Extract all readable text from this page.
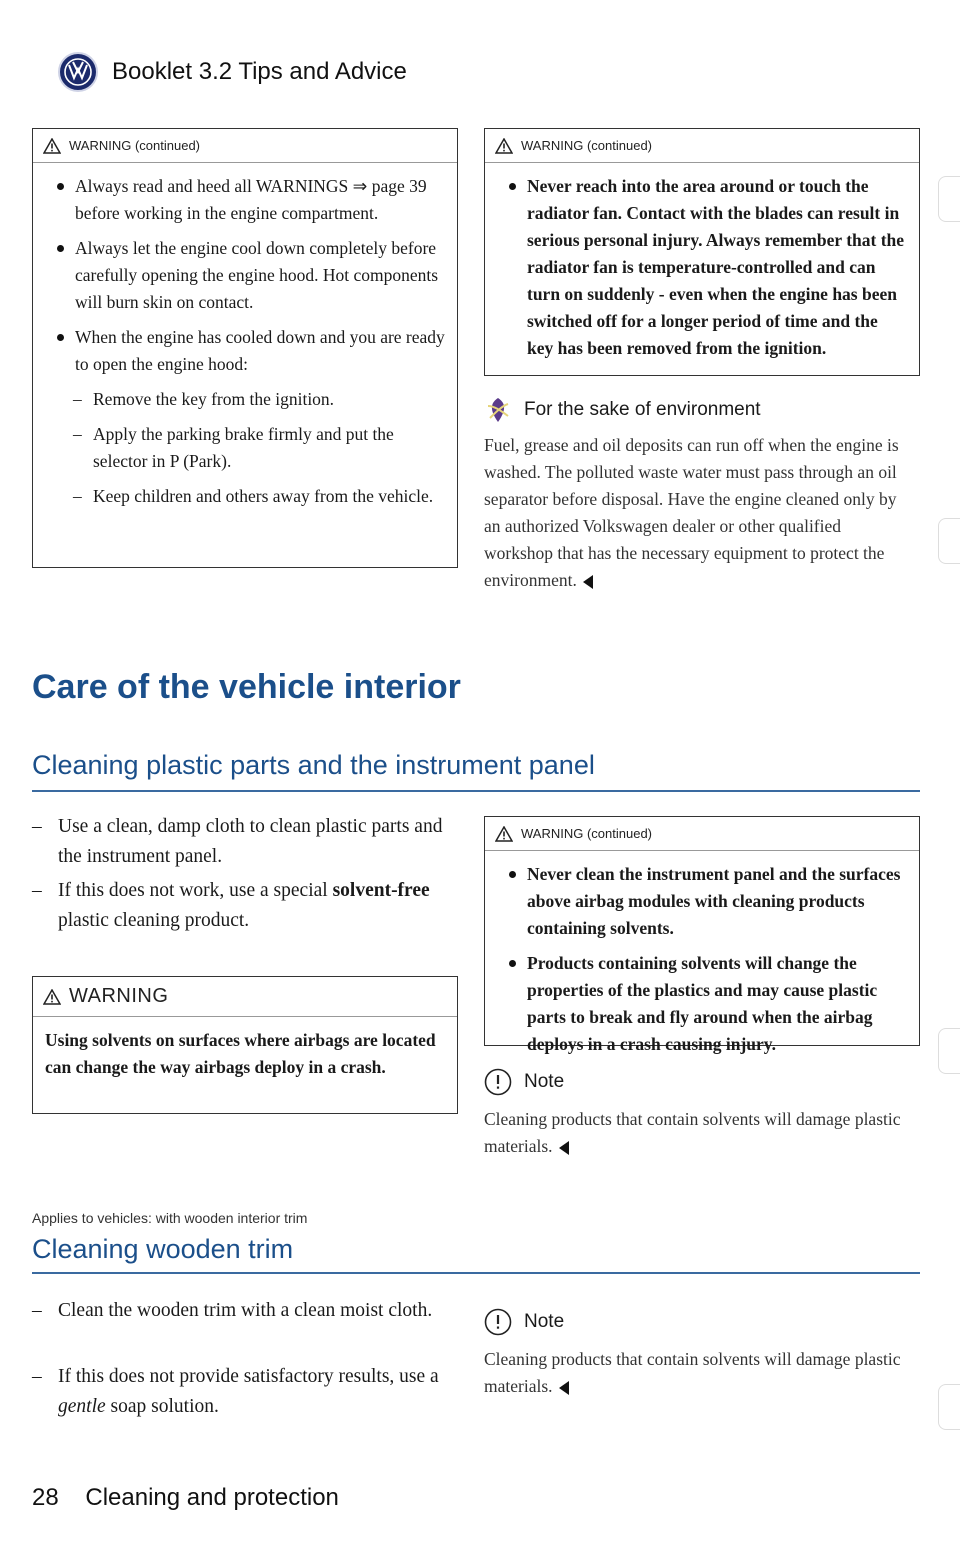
Booklet 3.2 Tips and Advice
WARNING (continued)

Always read and heed all WARNINGS ⇒ page 39 before working in the engine compartment.

Always let the engine cool down completely before carefully opening the engine hood. Hot components will burn skin on contact.

When the engine has cooled down and you are ready to open the engine hood:

– Remove the key from the ignition.

– Apply the parking brake firmly and put the selector in P (Park).

– Keep children and others away from the vehicle.

WARNING (continued)

Never reach into the area around or touch the radiator fan. Contact with the blades can result in serious personal injury. Always remember that the radiator fan is temperature-controlled and can turn on suddenly - even when the engine has been switched off for a longer period of time and the key has been removed from the ignition.

For the sake of environment
Fuel, grease and oil deposits can run off when the engine is washed. The polluted waste water must pass through an oil separator before disposal. Have the engine cleaned only by an authorized Volkswagen dealer or other qualified workshop that has the necessary equipment to protect the environment.
Care of the vehicle interior
Cleaning plastic parts and the instrument panel
– Use a clean, damp cloth to clean plastic parts and the instrument panel.
– If this does not work, use a special solvent-free plastic cleaning product.
WARNING

Using solvents on surfaces where airbags are located can change the way airbags deploy in a crash.

WARNING (continued)

Never clean the instrument panel and the surfaces above airbag modules with cleaning products containing solvents.

Products containing solvents will change the properties of the plastics and may cause plastic parts to break and fly around when the airbag deploys in a crash causing injury.

Note
Cleaning products that contain solvents will damage plastic materials.
Applies to vehicles: with wooden interior trim
Cleaning wooden trim
– Clean the wooden trim with a clean moist cloth.
– If this does not provide satisfactory results, use a gentle soap solution.
Note
Cleaning products that contain solvents will damage plastic materials.
28 Cleaning and protection
